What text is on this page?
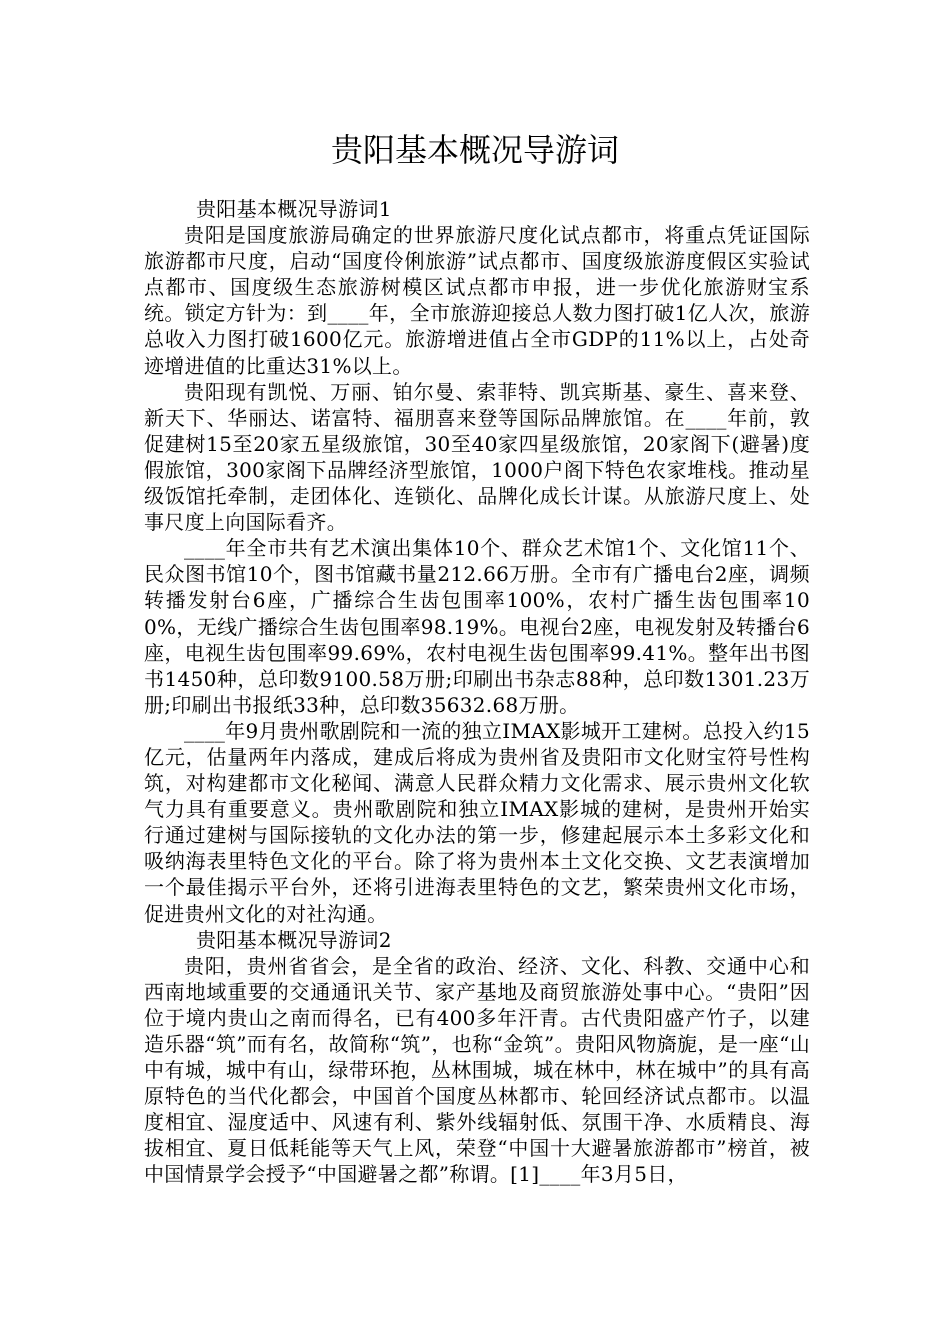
贵阳基本概况导游词

贵阳基本概况导游词1

贵阳是国度旅游局确定的世界旅游尺度化试点都市，将重点凭证国际旅游都市尺度，启动“国度伶俐旅游”试点都市、国度级旅游度假区实验试点都市、国度级生态旅游树模区试点都市申报，进一步优化旅游财宝系统。锁定方针为：到____年，全市旅游迎接总人数力图打破1亿人次，旅游总收入力图打破1600亿元。旅游增进值占全市GDP的11%以上，占处奇迹增进值的比重达31%以上。

贵阳现有凯悦、万丽、铂尔曼、索菲特、凯宾斯基、豪生、喜来登、新天下、华丽达、诺富特、福朋喜来登等国际品牌旅馆。在____年前，敦促建树15至20家五星级旅馆，30至40家四星级旅馆，20家阁下(避暑)度假旅馆，300家阁下品牌经济型旅馆，1000户阁下特色农家堆栈。推动星级饭馆托牵制，走团体化、连锁化、品牌化成长计谋。从旅游尺度上、处事尺度上向国际看齐。

____年全市共有艺术演出集体10个、群众艺术馆1个、文化馆11个、民众图书馆10个，图书馆藏书量212.66万册。全市有广播电台2座，调频转播发射台6座，广播综合生齿包围率100%，农村广播生齿包围率100%，无线广播综合生齿包围率98.19%。电视台2座，电视发射及转播台6座，电视生齿包围率99.69%，农村电视生齿包围率99.41%。整年出书图书1450种，总印数9100.58万册;印刷出书杂志88种，总印数1301.23万册;印刷出书报纸33种，总印数35632.68万册。

____年9月贵州歌剧院和一流的独立IMAX影城开工建树。总投入约15亿元，估量两年内落成，建成后将成为贵州省及贵阳市文化财宝符号性构筑，对构建都市文化秘闻、满意人民群众精力文化需求、展示贵州文化软气力具有重要意义。贵州歌剧院和独立IMAX影城的建树，是贵州开始实行通过建树与国际接轨的文化办法的第一步，修建起展示本土多彩文化和吸纳海表里特色文化的平台。除了将为贵州本土文化交换、文艺表演增加一个最佳揭示平台外，还将引进海表里特色的文艺，繁荣贵州文化市场，促进贵州文化的对社沟通。

贵阳基本概况导游词2

贵阳，贵州省省会，是全省的政治、经济、文化、科教、交通中心和西南地域重要的交通通讯关节、家产基地及商贸旅游处事中心。“贵阳”因位于境内贵山之南而得名，已有400多年汗青。古代贵阳盛产竹子，以建造乐器“筑”而有名，故简称“筑”，也称“金筑”。贵阳风物旖旎，是一座“山中有城，城中有山，绿带环抱，丛林围城，城在林中，林在城中”的具有高原特色的当代化都会，中国首个国度丛林都市、轮回经济试点都市。以温度相宜、湿度适中、风速有利、紫外线辐射低、氛围干净、水质精良、海拔相宜、夏日低耗能等天气上风，荣登“中国十大避暑旅游都市”榜首，被中国情景学会授予“中国避暑之都”称谓。[1]____年3月5日，
